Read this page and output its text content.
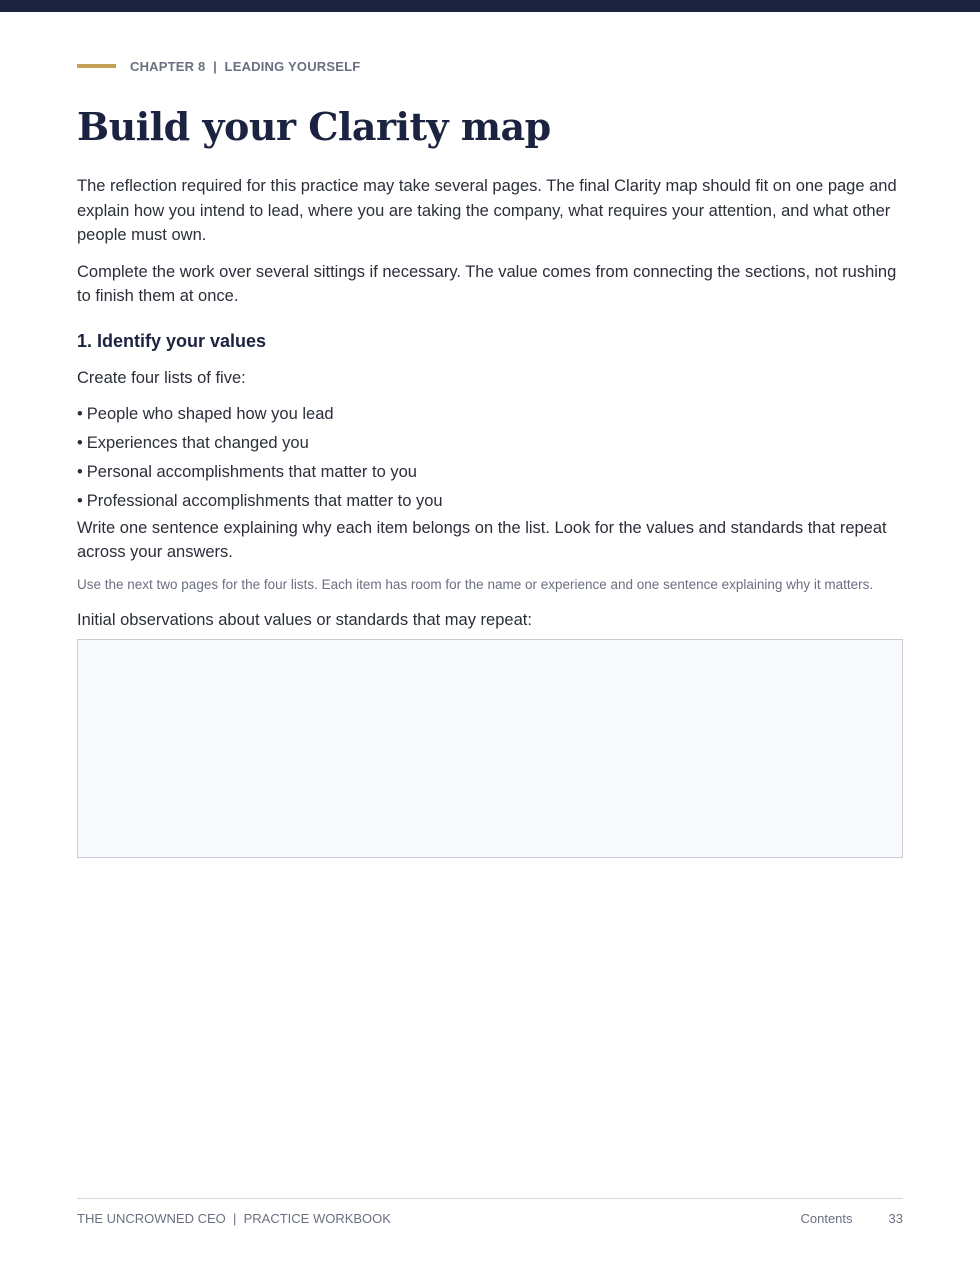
CHAPTER 8  |  LEADING YOURSELF
Build your Clarity map

The reflection required for this practice may take several pages. The final Clarity map should fit on one page and explain how you intend to lead, where you are taking the company, what requires your attention, and what other people must own.

Complete the work over several sittings if necessary. The value comes from connecting the sections, not rushing to finish them at once.

1. Identify your values

Create four lists of five:

• People who shaped how you lead
• Experiences that changed you
• Personal accomplishments that matter to you
• Professional accomplishments that matter to you

Write one sentence explaining why each item belongs on the list. Look for the values and standards that repeat across your answers.

Use the next two pages for the four lists. Each item has room for the name or experience and one sentence explaining why it matters.

Initial observations about values or standards that may repeat:

THE UNCROWNED CEO  |  PRACTICE WORKBOOK	Contents	33
